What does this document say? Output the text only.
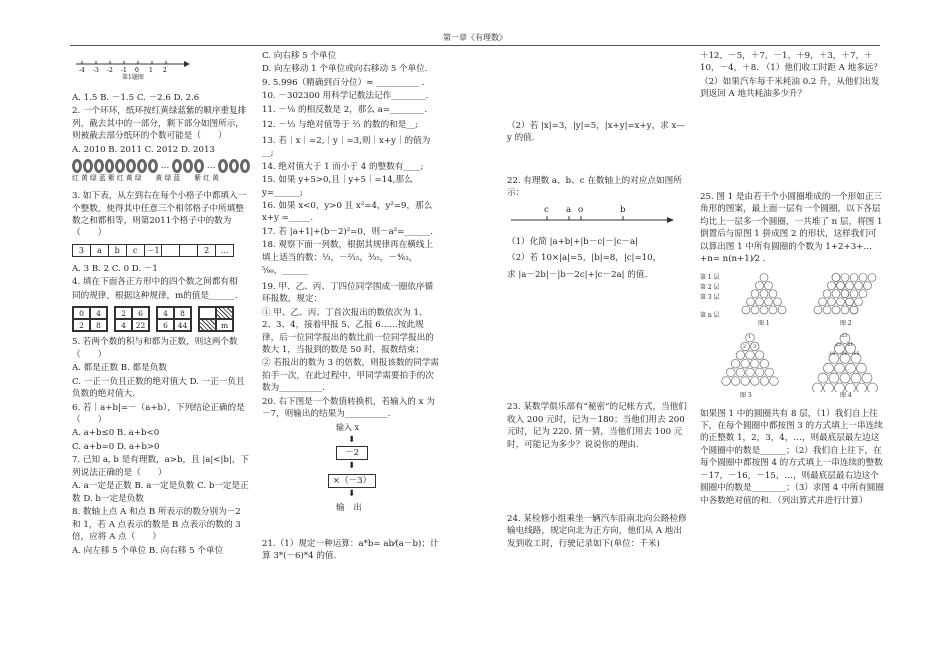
第一章《有理数》
-4 -3 -2 -1 0 1 2
第1题图

A. 1.5 B. －1.5 C. －2.6 D. 2.6

2. 一个环环，纸环按红黄绿蓝紫的顺序重复排列，截去其中的一部分，剩下部分如图所示，则被截去部分纸环的个数可能是（　　）

A. 2010 B. 2011 C. 2012 D. 2013

…	…
红 黄 绿 蓝 紫 红 黄 绿 黄 绿 蓝 紫 红 黄

3. 如下表，从左到右在每个小格子中都填入一个整数，使得其中任意三个相邻格子中所填整数之和都相等，则第2011个格子中的数为（　　）

3	a	b	c	－1	2	…

A. 3 B. 2 C. 0 D. －1

4. 填在下面各正方形中的四个数之间都有相

同的规律，根据这种规律，m的值是______.

0	4
2	8
2	6
4	22
4	8
6	44	m

5. 若两个数的积与和都为正数，则这两个数（　　）

A. 都是正数 B. 都是负数

C. 一正一负且正数的绝对值大 D. 一正一负且负数的绝对值大.

6. 若｜a+b|=－（a+b），下列结论正确的是（　　）

A. a+b≤0 B. a+b<0

C. a+b=0 D. a+b>0

7. 已知 a, b 是有理数，a>b，且 |a|<|b|，下列说法正确的是（　　）

A. a一定是正数 B. a一定是负数 C. b一定是正数 D. b一定是负数

8. 数轴上点 A 和点 B 所表示的数分别为－2 和 1，若 A 点表示的数是 B 点表示的数的 3 倍，应将 A 点（　　）

A. 向左移 5 个单位 B. 向右移 5 个单位

C. 向右移 5 个单位

D. 向左移动 1 个单位或向右移动 5 个单位.

9. 5.996（精确到百分位）≈ __________ .

10. －302300 用科学记数法记作________.

11. －¹⁄₆ 的相反数是 2，那么 a=________.

12. －¹⁄₃ 与绝对值等于 ²⁄₃ 的数的和是__;

13. 若｜x｜=2,｜y｜=3,则｜x+y｜的值为 __;

14. 绝对值大于 1 而小于 4 的整数有____;

15. 如果 y+5>0,且｜y+5｜=14,那么 y=______;

16. 如果 x<0，y>0 且 x²=4，y²=9，那么 x+y =_____.

17. 若 |a+1|+(b－2)²=0，则－a²=______.

18. 观察下面一列数，根据其规律再在横线上填上适当的数：¹⁄₃，－²⁄₁₅，³⁄₃₅，－⁴⁄₆₃，

⁵⁄₉₉，______

19. 甲、乙、丙、丁四位同学围成一圈依序循环报数，规定：

① 甲、乙、丙、丁首次报出的数依次为 1、2、3、4，接着甲报 5、乙报 6……按此规律，后一位同学报出的数比前一位同学报出的数大 1，当报到的数是 50 时，报数结束；

② 若报出的数为 3 的倍数，则报该数的同学需拍手一次，在此过程中，甲同学需要拍手的次数为__________.

20. 右下图是一个数值转换机，若输入的 x 为－7，则输出的结果为__________.

输入 x
⬇
－2
⬇
×（－3）
⬇
输　出

21.（1）规定一种运算：a*b= ab⁄(a－b)；计算 3*(－6)*4 的值.

（2）若 |x|=3，|y|=5，|x+y|=x+y，求 x—y 的值.

22. 有理数 a、b、c 在数轴上的对应点如图所示：

c a o	b

（1）化简 |a+b|+|b－c|－|c－a|

（2）若 10×|a|=5，|b|=8，|c|=10，

求 |a－2b|－|b－2c|+|c－2a| 的值.

23. 某数学俱乐部有“秘密”的记帐方式，当他们收入 200 元时，记为－180；当他们用去 200 元时，记为 220. 猜一猜，当他们用去 100 元时，可能记为多少？说说你的理由.

24. 某检修小组乘坐一辆汽车沿南北向公路检修输电线路，规定向北为正方向，他们从 A 地出发到收工时，行驶记录如下(单位：千米)

＋12，－5，＋7，－1，＋9，＋3，＋7，＋10，－4，＋8. （1）他们收工时距 A 地多远？

（2）如果汽车每千米耗油 0.2 升，从他们出发到返回 A 地共耗油多少升？

25. 图 1 是由若干个小圆圈堆成的一个形如正三角形的图案，最上面一层有一个圆圈，以下各层均比上一层多一个圆圈，一共堆了 n 层，将图 1 倒置后与原图 1 拼成图 2 的形状，这样我们可以算出图 1 中所有圆圈的个数为 1+2+3+…+n= n(n+1)⁄2 .

第 1 层
第 2 层
第 3 层
第 n 层
图 1	图 2
1
2 3
图 3
-23
-22 -21
-18 -16 -15
图 4

如果图 1 中的圆圈共有 8 层，（1）我们自上往下，在每个圆圈中都按图 3 的方式填上一串连续的正整数 1，2，3，4，…，则最底层最左边这个圆圈中的数是______；（2）我们自上往下，在每个圆圈中都按图 4 的方式填上一串连续的整数－17，－16，－15，…，则最底层最右边这个圆圈中的数是________；（3）求图 4 中所有圆圈中各数绝对值的和．（列出算式并进行计算）
